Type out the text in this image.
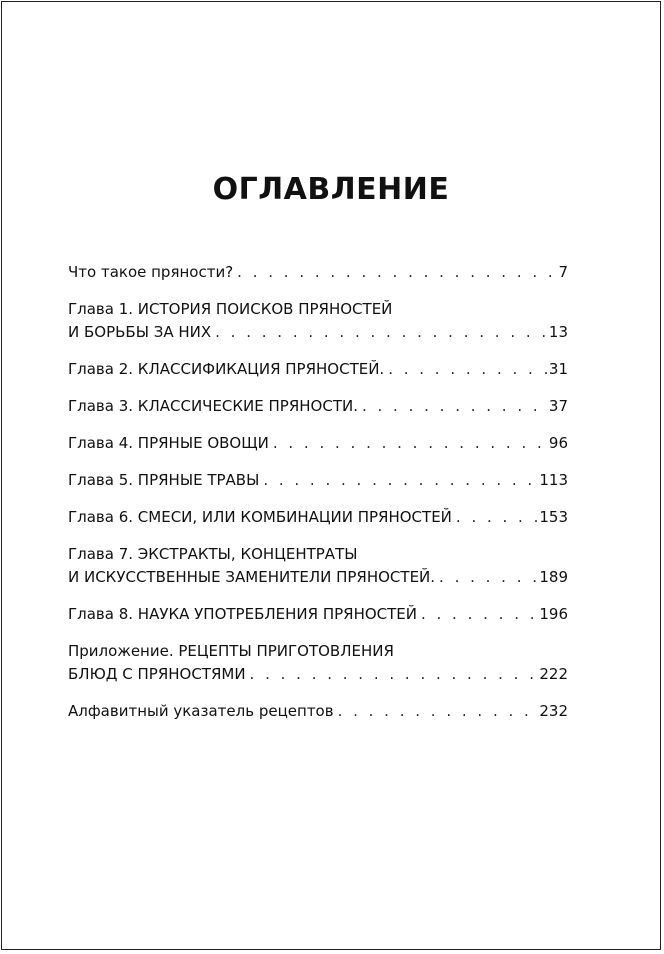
ОГЛАВЛЕНИЕ
Что такое пряности? . . .	7
Глава 1. ИСТОРИЯ ПОИСКОВ ПРЯНОСТЕЙ
И БОРЬБЫ ЗА НИХ . . .	13
Глава 2. КЛАССИФИКАЦИЯ ПРЯНОСТЕЙ. . . .	31
Глава 3. КЛАССИЧЕСКИЕ ПРЯНОСТИ. . . .	37
Глава 4. ПРЯНЫЕ ОВОЩИ . . .	96
Глава 5. ПРЯНЫЕ ТРАВЫ . . .	113
Глава 6. СМЕСИ, ИЛИ КОМБИНАЦИИ ПРЯНОСТЕЙ . . .	153
Глава 7. ЭКСТРАКТЫ, КОНЦЕНТРАТЫ
И ИСКУССТВЕННЫЕ ЗАМЕНИТЕЛИ ПРЯНОСТЕЙ. . . .	189
Глава 8. НАУКА УПОТРЕБЛЕНИЯ ПРЯНОСТЕЙ . . .	196
Приложение. РЕЦЕПТЫ ПРИГОТОВЛЕНИЯ
БЛЮД С ПРЯНОСТЯМИ . . .	222
Алфавитный указатель рецептов . . .	232
